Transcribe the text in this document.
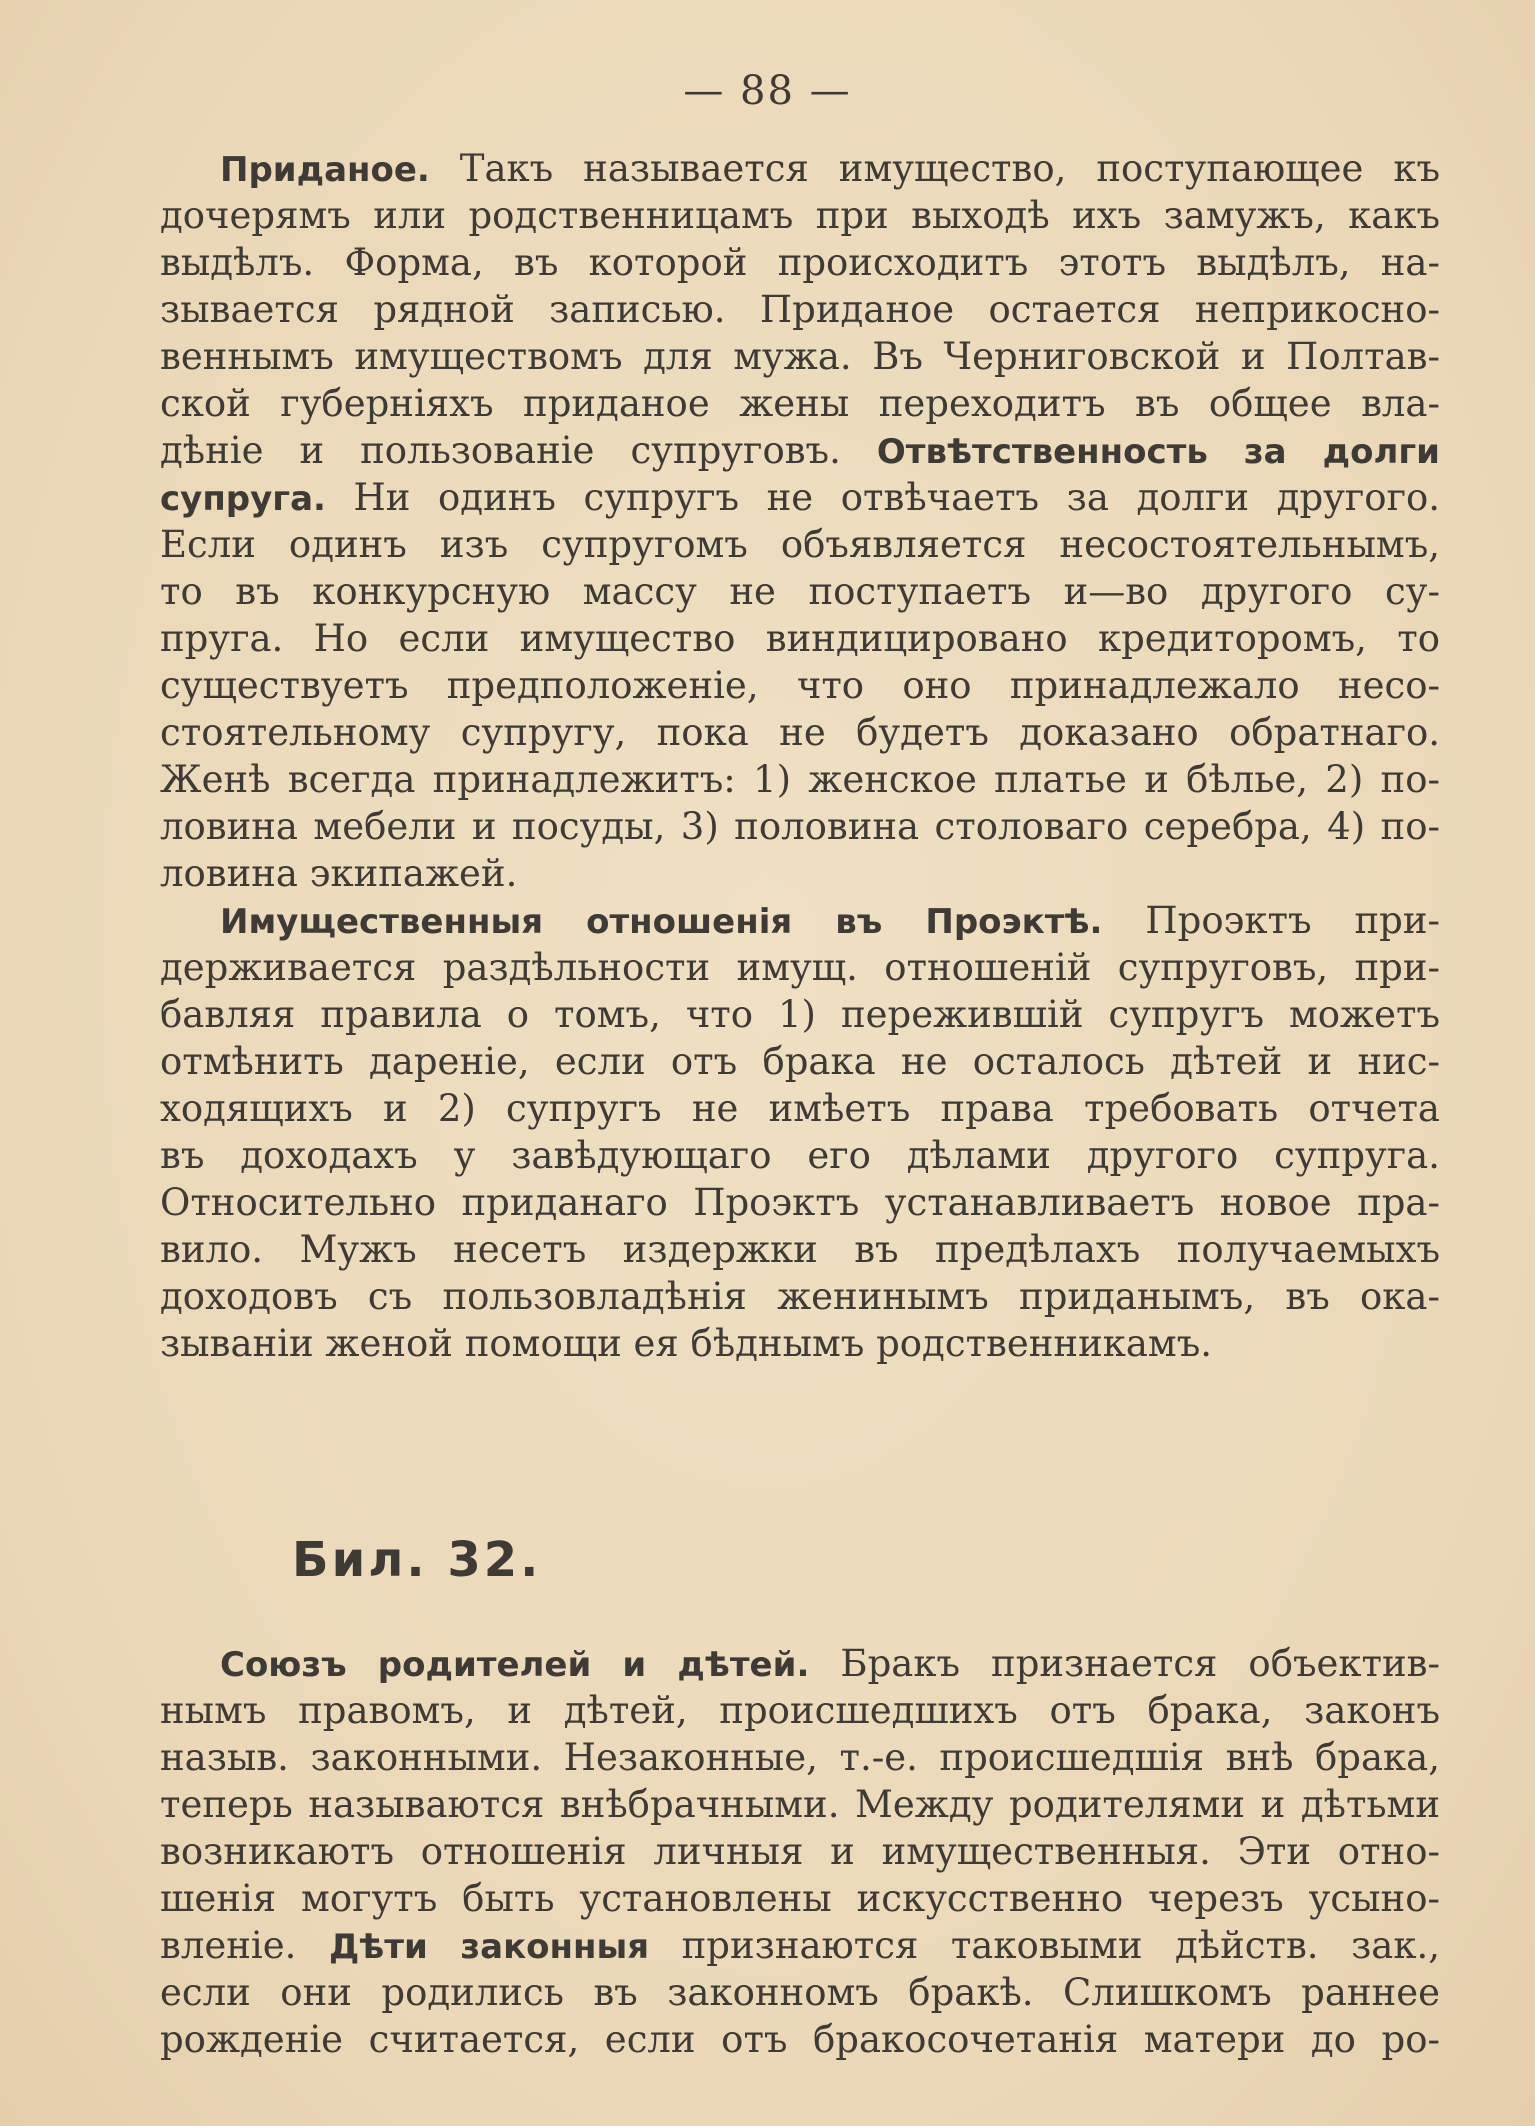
— 88 —
Приданое. Такъ называется имущество, поступающее къ
дочерямъ или родственницамъ при выходѣ ихъ замужъ, какъ
выдѣлъ. Форма, въ которой происходитъ этотъ выдѣлъ, на-
зывается рядной записью. Приданое остается неприкосно-
веннымъ имуществомъ для мужа. Въ Черниговской и Полтав-
ской губерніяхъ приданое жены переходитъ въ общее вла-
дѣніе и пользованіе супруговъ. Отвѣтственность за долги
супруга. Ни одинъ супругъ не отвѣчаетъ за долги другого.
Если одинъ изъ супругомъ объявляется несостоятельнымъ,
то въ конкурсную массу не поступаетъ и—во другого су-
пруга. Но если имущество виндицировано кредиторомъ, то
существуетъ предположеніе, что оно принадлежало несо-
стоятельному супругу, пока не будетъ доказано обратнаго.
Женѣ всегда принадлежитъ: 1) женское платье и бѣлье, 2) по-
ловина мебели и посуды, 3) половина столоваго серебра, 4) по-
ловина экипажей.
Имущественныя отношенія въ Проэктѣ. Проэктъ при-
держивается раздѣльности имущ. отношеній супруговъ, при-
бавляя правила о томъ, что 1) пережившій супругъ можетъ
отмѣнить дареніе, если отъ брака не осталось дѣтей и нис-
ходящихъ и 2) супругъ не имѣетъ права требовать отчета
въ доходахъ у завѣдующаго его дѣлами другого супруга.
Относительно приданаго Проэктъ устанавливаетъ новое пра-
вило. Мужъ несетъ издержки въ предѣлахъ получаемыхъ
доходовъ съ пользовладѣнія женинымъ приданымъ, въ ока-
зываніи женой помощи ея бѣднымъ родственникамъ.
Бил. 32.
Союзъ родителей и дѣтей. Бракъ признается объектив-
нымъ правомъ, и дѣтей, происшедшихъ отъ брака, законъ
назыв. законными. Незаконные, т.-е. происшедшія внѣ брака,
теперь называются внѣбрачными. Между родителями и дѣтьми
возникаютъ отношенія личныя и имущественныя. Эти отно-
шенія могутъ быть установлены искусственно черезъ усыно-
вленіе. Дѣти законныя признаются таковыми дѣйств. зак.,
если они родились въ законномъ бракѣ. Слишкомъ раннее
рожденіе считается, если отъ бракосочетанія матери до ро-
